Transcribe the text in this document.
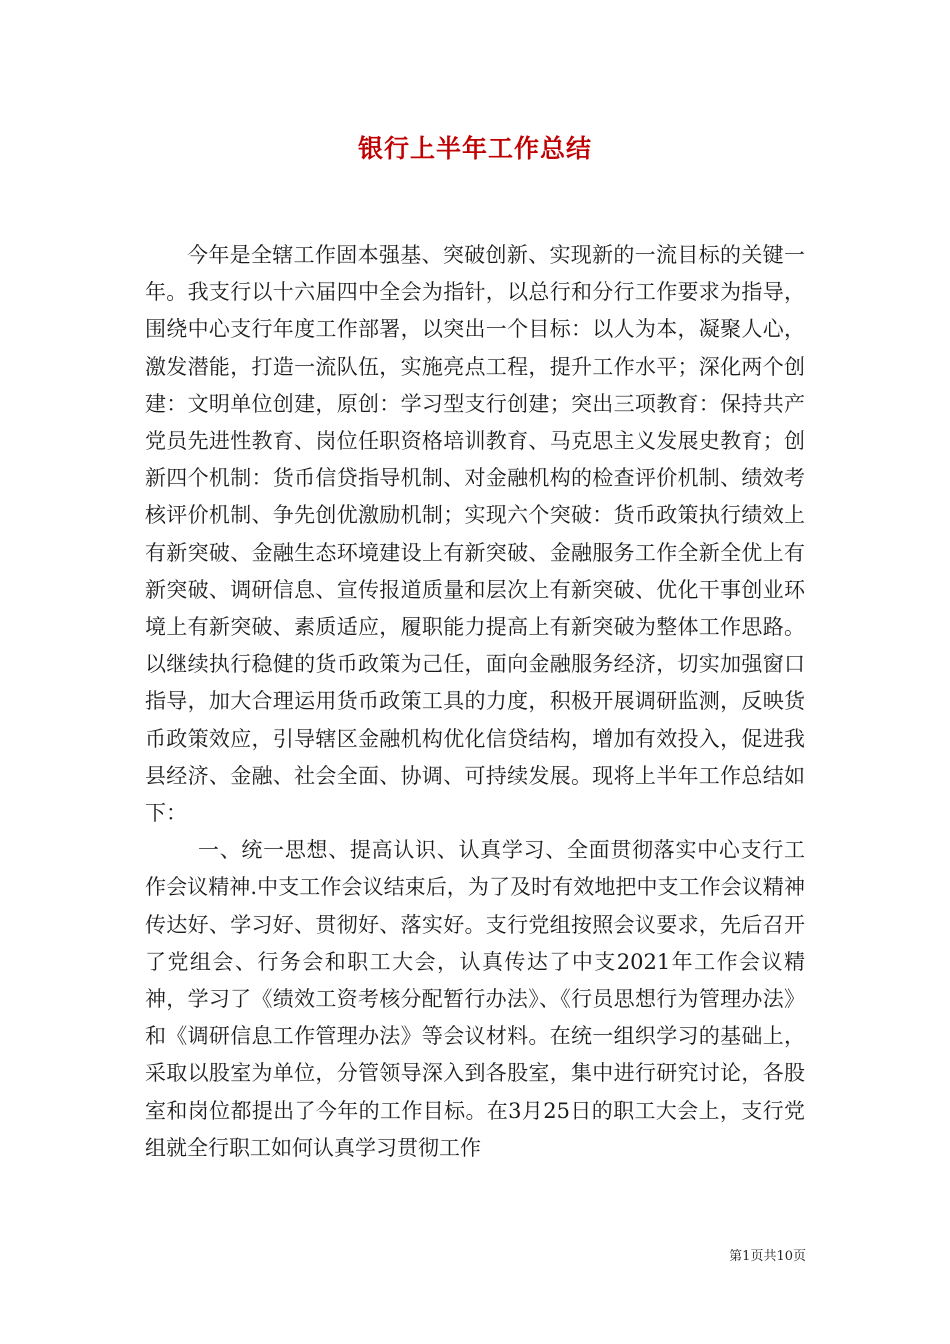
银行上半年工作总结

今年是全辖工作固本强基、突破创新、实现新的一流目标的关键一年。我支行以十六届四中全会为指针，以总行和分行工作要求为指导，围绕中心支行年度工作部署，以突出一个目标：以人为本，凝聚人心，激发潜能，打造一流队伍，实施亮点工程，提升工作水平；深化两个创建：文明单位创建，原创：学习型支行创建；突出三项教育：保持共产党员先进性教育、岗位任职资格培训教育、马克思主义发展史教育；创新四个机制：货币信贷指导机制、对金融机构的检查评价机制、绩效考核评价机制、争先创优激励机制；实现六个突破：货币政策执行绩效上有新突破、金融生态环境建设上有新突破、金融服务工作全新全优上有新突破、调研信息、宣传报道质量和层次上有新突破、优化干事创业环境上有新突破、素质适应，履职能力提高上有新突破为整体工作思路。以继续执行稳健的货币政策为己任，面向金融服务经济，切实加强窗口指导，加大合理运用货币政策工具的力度，积极开展调研监测，反映货币政策效应，引导辖区金融机构优化信贷结构，增加有效投入，促进我县经济、金融、社会全面、协调、可持续发展。现将上半年工作总结如下：

一、统一思想、提高认识、认真学习、全面贯彻落实中心支行工作会议精神.中支工作会议结束后，为了及时有效地把中支工作会议精神传达好、学习好、贯彻好、落实好。支行党组按照会议要求，先后召开了党组会、行务会和职工大会，认真传达了中支2021年工作会议精神，学习了《绩效工资考核分配暂行办法》、《行员思想行为管理办法》和《调研信息工作管理办法》等会议材料。在统一组织学习的基础上，采取以股室为单位，分管领导深入到各股室，集中进行研究讨论，各股室和岗位都提出了今年的工作目标。在3月25日的职工大会上，支行党组就全行职工如何认真学习贯彻工作

第1页共10页
